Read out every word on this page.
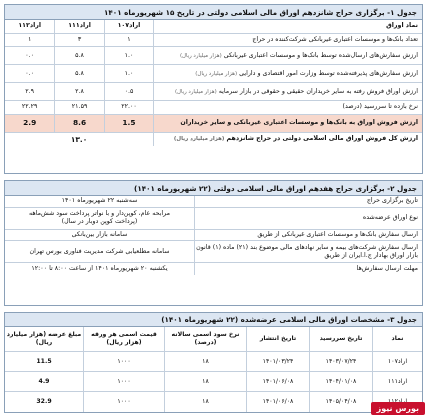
جدول ۱- برگزاری حراج شانزدهم اوراق مالی اسلامی دولتی در تاریخ ۱۵ شهریورماه ۱۴۰۱
نماد اوراق
اراد۱۰۷
اراد۱۱۱
اراد۱۱۲
تعداد بانک‌ها و موسسات اعتباری غیربانکی شرکت‌کننده در حراج
۱
۳
۱
ارزش سفارش‌های ارسال‌شده توسط بانک‌ها و موسسات اعتباری غیربانکی (هزار میلیارد ریال)
۱.۰
۵.۸
۰.۰
ارزش سفارش‌های پذیرفته‌شده توسط وزارت امور اقتصادی و دارایی (هزار میلیارد ریال)
۱.۰
۵.۸
۰.۰
ارزش اوراق فروش رفته به سایر خریداران حقیقی و حقوقی در بازار سرمایه (هزار میلیارد ریال)
۰.۵
۲.۸
۲.۹
نرخ بازده تا سررسید (درصد)
۲۲.۰۰
۲۱.۵۹
۲۲.۲۹
ارزش فروش اوراق به بانک‌ها و موسسات اعتباری غیربانکی و سایر خریداران
1.5
8.6
2.9
ارزش کل فروش اوراق مالی اسلامی دولتی در حراج شانزدهم (هزار میلیارد ریال)
۱۳.۰
جدول ۲- برگزاری حراج هفدهم اوراق مالی اسلامی دولتی (۲۲ شهریورماه ۱۴۰۱)
تاریخ برگزاری حراج
سه‌شنبه ۲۲ شهریورماه ۱۴۰۱
نوع اوراق عرضه‌شده
مرابحه عام، کوپن‌دار و با نواتر پرداخت سود شش‌ماهه
(پرداخت کوپن دوبار در سال)
ارسال سفارش بانک‌ها و موسسات اعتباری غیربانکی از طریق
سامانه بازار بین‌بانکی
ارسال سفارش شرکت‌های بیمه و سایر نهادهای مالی موضوع بند (۲۱) ماده (۱) قانون بازار اوراق بهادار ج.ا.ایران از طریق
سامانه مطلعیابی شرکت مدیریت فناوری بورس تهران
مهلت ارسال سفارش‌ها
یکشنبه ۲۰ شهریورماه ۱۴۰۱ از ساعت ۸:۰۰ تا ۱۲:۰۰
جدول ۳- مشخصات اوراق مالی اسلامی عرضه‌شده (۲۲ شهریورماه ۱۴۰۱)
نماد
تاریخ سررسید
تاریخ انتشار
نرخ سود اسمی سالانه (درصد)
قیمت اسمی هر ورقه (هزار ریال)
مبلغ عرضه (هزار میلیارد ریال)
اراد۱۰۷
۱۴۰۳/۰۷/۲۴
۱۴۰۱/۰۳/۲۴
۱۸
۱۰۰۰
11.5
اراد۱۱۱
۱۴۰۴/۰۱/۰۸
۱۴۰۱/۰۶/۰۸
۱۸
۱۰۰۰
4.9
۱۴۰۵/۰۴/۰۸
۱۴۰۱/۰۶/۰۸
۱۸
۱۰۰۰
32.9
بورس نیوز
